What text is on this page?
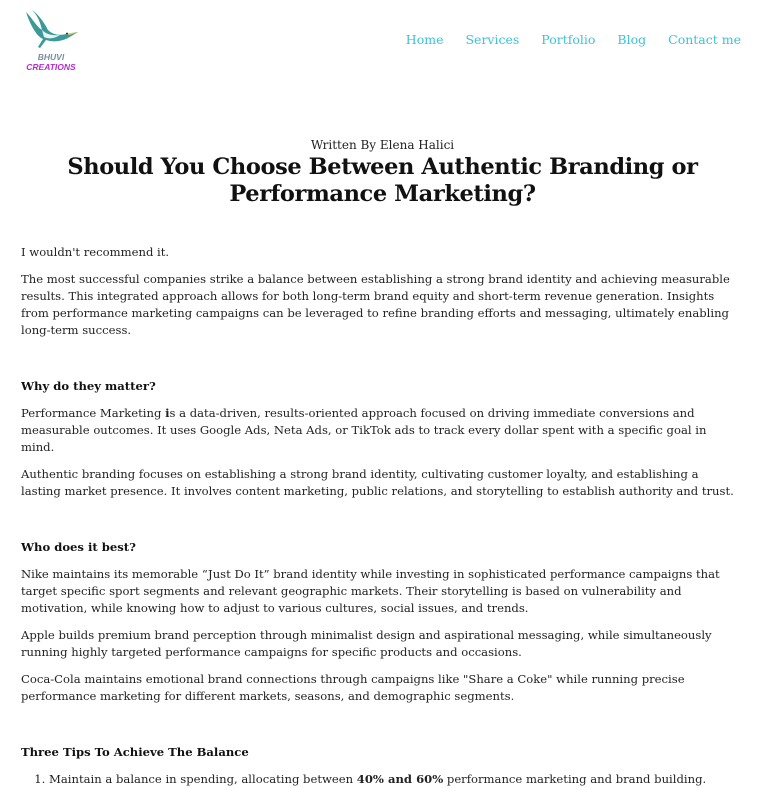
BHUVI
CREATIONS
Home Services Portfolio Blog Contact me
Written By Elena Halici
Should You Choose Between Authentic Branding or Performance Marketing?

I wouldn't recommend it.

The most successful companies strike a balance between establishing a strong brand identity and achieving measurable results. This integrated approach allows for both long-term brand equity and short-term revenue generation. Insights from performance marketing campaigns can be leveraged to refine branding efforts and messaging, ultimately enabling long-term success.

Why do they matter?

Performance Marketing is a data-driven, results-oriented approach focused on driving immediate conversions and measurable outcomes. It uses Google Ads, Neta Ads, or TikTok ads to track every dollar spent with a specific goal in mind.

Authentic branding focuses on establishing a strong brand identity, cultivating customer loyalty, and establishing a lasting market presence. It involves content marketing, public relations, and storytelling to establish authority and trust.

Who does it best?

Nike maintains its memorable “Just Do It” brand identity while investing in sophisticated performance campaigns that target specific sport segments and relevant geographic markets. Their storytelling is based on vulnerability and motivation, while knowing how to adjust to various cultures, social issues, and trends.

Apple builds premium brand perception through minimalist design and aspirational messaging, while simultaneously running highly targeted performance campaigns for specific products and occasions.

Coca-Cola maintains emotional brand connections through campaigns like "Share a Coke" while running precise performance marketing for different markets, seasons, and demographic segments.

Three Tips To Achieve The Balance

1. Maintain a balance in spending, allocating between 40% and 60% performance marketing and brand building.
